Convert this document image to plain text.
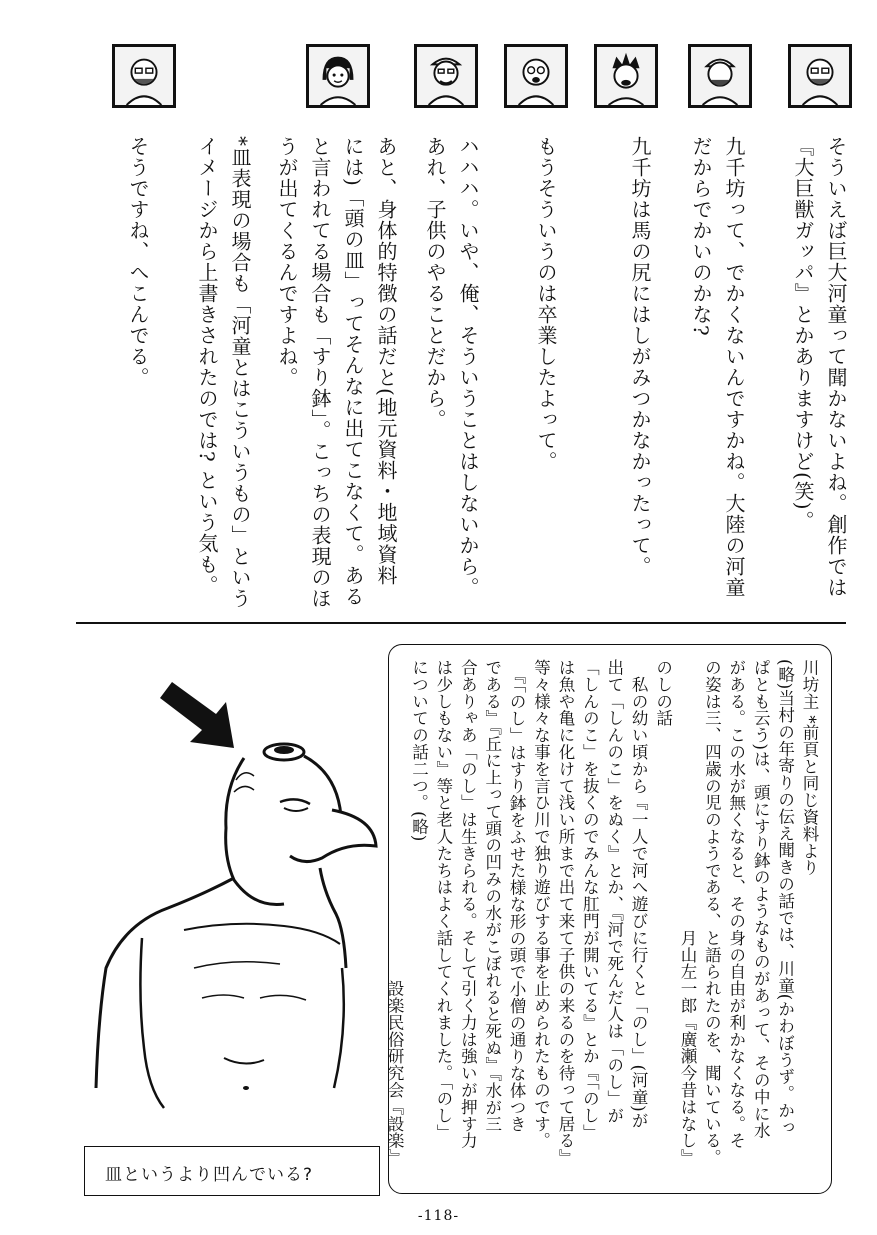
そういえば巨大河童って聞かないよね。創作では
『大巨獣ガッパ』とかありますけど(笑)。
九千坊って、でかくないんですかね。大陸の河童
だからでかいのかな?
九千坊は馬の尻にはしがみつかなかったって。
もうそういうのは卒業したよって。
ハハハ。いや、俺、そういうことはしないから。
あれ、子供のやることだから。
あと、身体的特徴の話だと(地元資料・地域資料
には)「頭の皿」ってそんなに出てこなくて。ある
と言われてる場合も「すり鉢」。こっちの表現のほ
うが出てくるんですよね。
*皿表現の場合も「河童とはこういうもの」という
イメージから上書きされたのでは? という気も。
そうですね、へこんでる。
川坊主 *前頁と同じ資料より
(略)当村の年寄りの伝え聞きの話では、川童(かわぼうず。かっ
ぱとも云う)は、頭にすり鉢のようなものがあって、その中に水
がある。この水が無くなると、その身の自由が利かなくなる。そ
の姿は三、四歳の児のようである、と語られたのを、聞いている。
　　　　　　　　　　　　　　　　月山左一郎『廣瀬今昔はなし』
のしの話
　私の幼い頃から『一人で河へ遊びに行くと「のし」(河童)が
出て「しんのこ」をぬく』とか、『河で死んだ人は「のし」が
「しんのこ」を抜くのでみんな肛門が開いてる』とか『「のし」
は魚や亀に化けて浅い所まで出て来て子供の来るのを待って居る』
等々様々な事を言ひ川で独り遊びする事を止められたものです。
　『「のし」はすり鉢をふせた様な形の頭で小僧の通りな体つき
である』『丘に上って頭の凹みの水がこぼれると死ぬ』『水が三
合ありゃあ「のし」は生きられる。そして引く力は強いが押す力
は少しもない』等と老人たちはよく話してくれました。「のし」
についての話二つ。(略)
　　　　　　　　　　　　　　　　　　　設楽民俗研究会『設楽』
皿というより凹んでいる?
-118-
